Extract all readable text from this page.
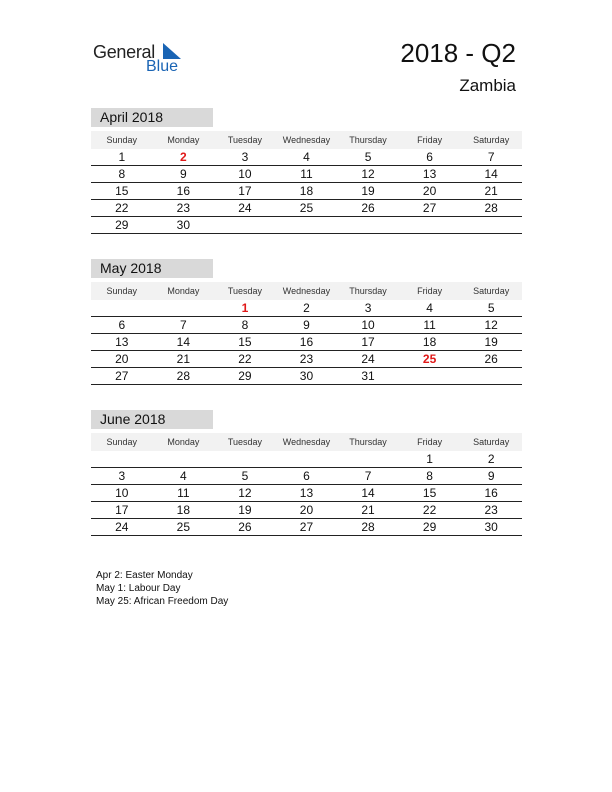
General
Blue	2018 - Q2
Zambia
April 2018
Sunday	Monday	Tuesday	Wednesday	Thursday	Friday	Saturday
1	2	3	4	5	6	7
8	9	10	11	12	13	14
15	16	17	18	19	20	21
22	23	24	25	26	27	28
29	30					
May 2018
Sunday	Monday	Tuesday	Wednesday	Thursday	Friday	Saturday
		1	2	3	4	5
6	7	8	9	10	11	12
13	14	15	16	17	18	19
20	21	22	23	24	25	26
27	28	29	30	31		
June 2018
Sunday	Monday	Tuesday	Wednesday	Thursday	Friday	Saturday
					1	2
3	4	5	6	7	8	9
10	11	12	13	14	15	16
17	18	19	20	21	22	23
24	25	26	27	28	29	30
Apr 2: Easter Monday
May 1: Labour Day
May 25: African Freedom Day
